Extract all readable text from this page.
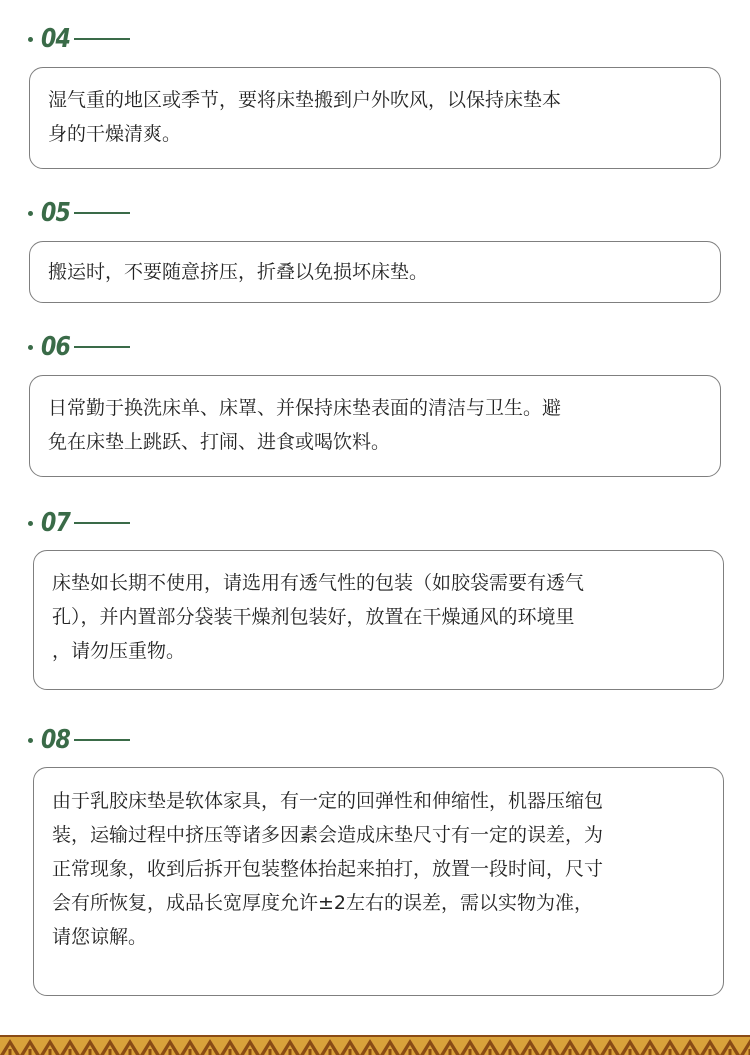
04
湿气重的地区或季节，要将床垫搬到户外吹风，以保持床垫本
身的干燥清爽。
05
搬运时，不要随意挤压，折叠以免损坏床垫。
06
日常勤于换洗床单、床罩、并保持床垫表面的清洁与卫生。避
免在床垫上跳跃、打闹、进食或喝饮料。
07
床垫如长期不使用，请选用有透气性的包装（如胶袋需要有透气
孔），并内置部分袋装干燥剂包装好，放置在干燥通风的环境里
，请勿压重物。
08
由于乳胶床垫是软体家具，有一定的回弹性和伸缩性，机器压缩包
装，运输过程中挤压等诸多因素会造成床垫尺寸有一定的误差，为
正常现象，收到后拆开包装整体抬起来拍打，放置一段时间，尺寸
会有所恢复，成品长宽厚度允许±2左右的误差，需以实物为准，
请您谅解。
